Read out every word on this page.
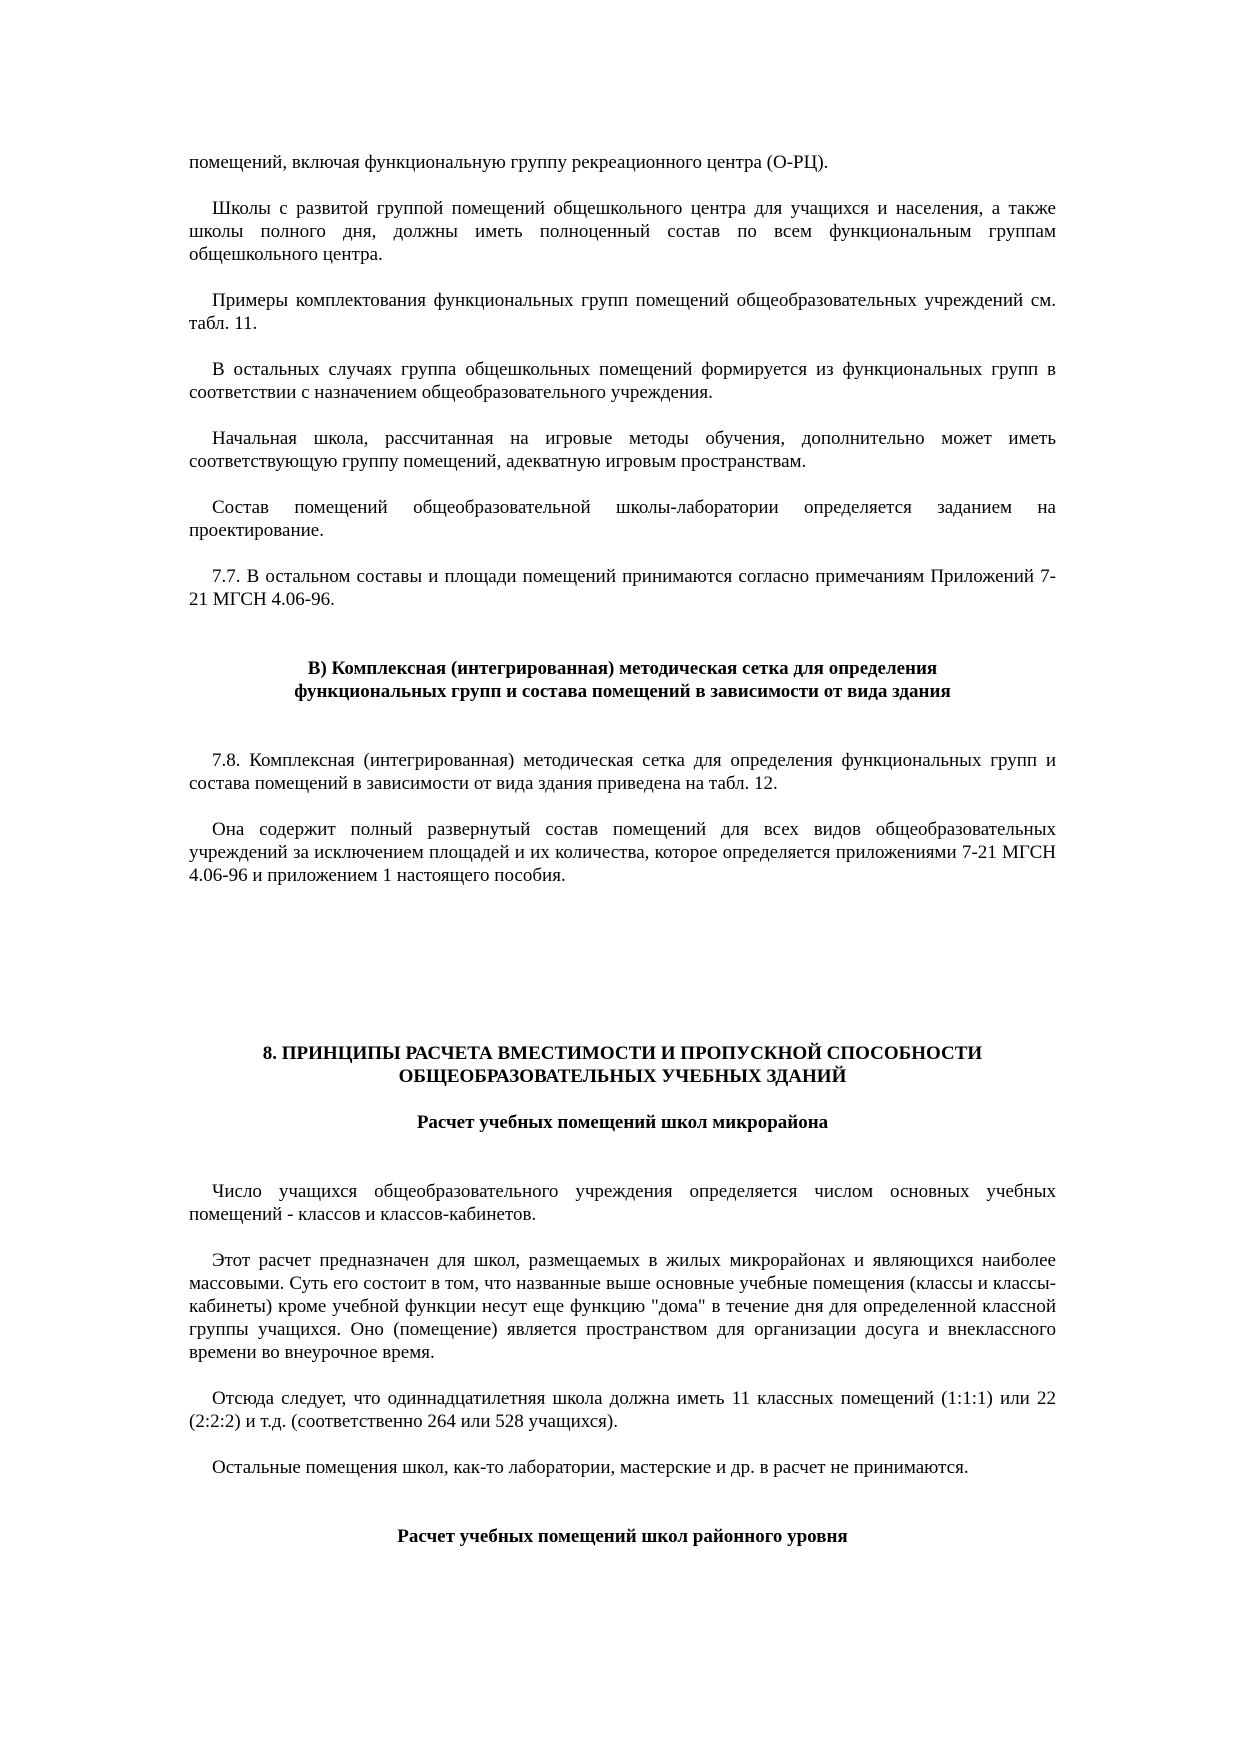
помещений, включая функциональную группу рекреационного центра (О-РЦ).

Школы с развитой группой помещений общешкольного центра для учащихся и населения, а также школы полного дня, должны иметь полноценный состав по всем функциональным группам общешкольного центра.

Примеры комплектования функциональных групп помещений общеобразовательных учреждений см. табл. 11.

В остальных случаях группа общешкольных помещений формируется из функциональных групп в соответствии с назначением общеобразовательного учреждения.

Начальная школа, рассчитанная на игровые методы обучения, дополнительно может иметь соответствующую группу помещений, адекватную игровым пространствам.

Состав помещений общеобразовательной школы-лаборатории определяется заданием на проектирование.

7.7. В остальном составы и площади помещений принимаются согласно примечаниям Приложений 7-21 МГСН 4.06-96.

В) Комплексная (интегрированная) методическая сетка для определения
функциональных групп и состава помещений в зависимости от вида здания

7.8. Комплексная (интегрированная) методическая сетка для определения функциональных групп и состава помещений в зависимости от вида здания приведена на табл. 12.

Она содержит полный развернутый состав помещений для всех видов общеобразовательных учреждений за исключением площадей и их количества, которое определяется приложениями 7-21 МГСН 4.06-96 и приложением 1 настоящего пособия.

8. ПРИНЦИПЫ РАСЧЕТА ВМЕСТИМОСТИ И ПРОПУСКНОЙ СПОСОБНОСТИ
ОБЩЕОБРАЗОВАТЕЛЬНЫХ УЧЕБНЫХ ЗДАНИЙ
Расчет учебных помещений школ микрорайона

Число учащихся общеобразовательного учреждения определяется числом основных учебных помещений - классов и классов-кабинетов.

Этот расчет предназначен для школ, размещаемых в жилых микрорайонах и являющихся наиболее массовыми. Суть его состоит в том, что названные выше основные учебные помещения (классы и классы-кабинеты) кроме учебной функции несут еще функцию "дома" в течение дня для определенной классной группы учащихся. Оно (помещение) является пространством для организации досуга и внеклассного времени во внеурочное время.

Отсюда следует, что одиннадцатилетняя школа должна иметь 11 классных помещений (1:1:1) или 22 (2:2:2) и т.д. (соответственно 264 или 528 учащихся).

Остальные помещения школ, как-то лаборатории, мастерские и др. в расчет не принимаются.

Расчет учебных помещений школ районного уровня
